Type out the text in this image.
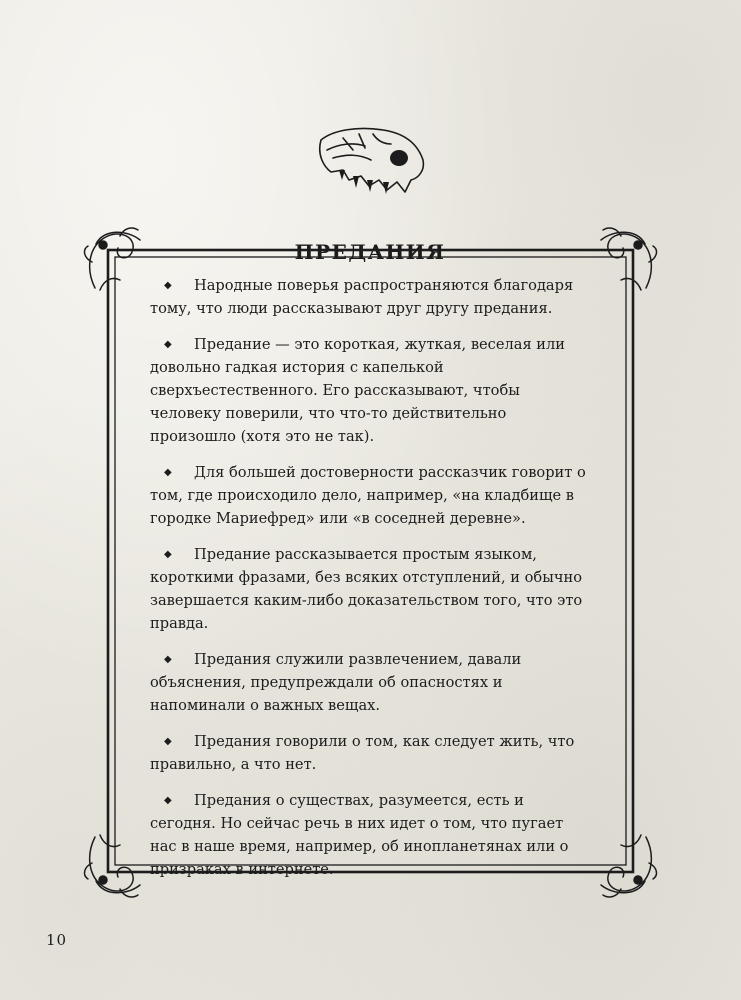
ПРЕДАНИЯ

◆ Народные поверья распространяются благодаря тому, что люди рассказывают друг другу предания.

◆ Предание — это короткая, жуткая, веселая или довольно гадкая история с капелькой сверхъестественного. Его рассказывают, чтобы человеку поверили, что что-то действительно произошло (хотя это не так).

◆ Для большей достоверности рассказчик говорит о том, где происходило дело, например, «на кладбище в городке Мариефред» или «в соседней деревне».

◆ Предание рассказывается простым языком, короткими фразами, без всяких отступлений, и обычно завершается каким-либо доказательством того, что это правда.

◆ Предания служили развлечением, давали объяснения, предупреждали об опасностях и напоминали о важных вещах.

◆ Предания говорили о том, как следует жить, что правильно, а что нет.

◆ Предания о существах, разумеется, есть и сегодня. Но сейчас речь в них идет о том, что пугает нас в наше время, например, об инопланетянах или о призраках в интернете.

10
